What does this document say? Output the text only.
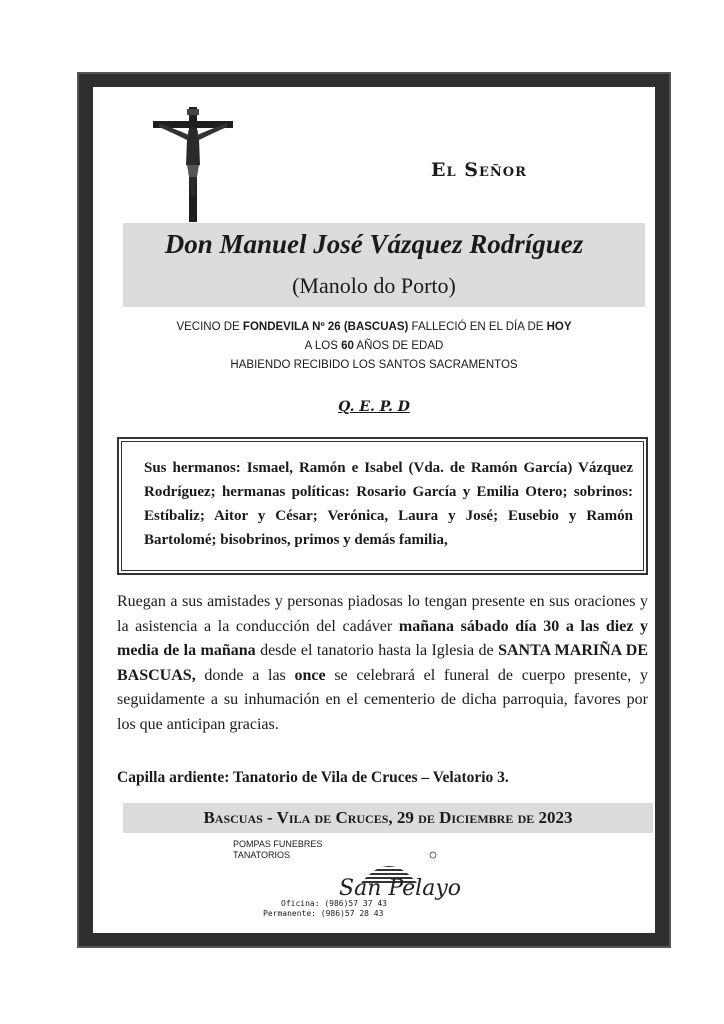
El Señor
Don Manuel José Vázquez Rodríguez
(Manolo do Porto)
VECINO DE FONDEVILA Nº 26 (BASCUAS) FALLECIÓ EN EL DÍA DE HOY
A LOS 60 AÑOS DE EDAD
HABIENDO RECIBIDO LOS SANTOS SACRAMENTOS
Q. E. P. D
Sus hermanos: Ismael, Ramón e Isabel (Vda. de Ramón García) Vázquez Rodríguez; hermanas políticas: Rosario García y Emilia Otero; sobrinos: Estíbaliz; Aitor y César; Verónica, Laura y José; Eusebio y Ramón Bartolomé; bisobrinos, primos y demás familia,
Ruegan a sus amistades y personas piadosas lo tengan presente en sus oraciones y la asistencia a la conducción del cadáver mañana sábado día 30 a las diez y media de la mañana desde el tanatorio hasta la Iglesia de SANTA MARIÑA DE BASCUAS, donde a las once se celebrará el funeral de cuerpo presente, y seguidamente a su inhumación en el cementerio de dicha parroquia, favores por los que anticipan gracias.
Capilla ardiente: Tanatorio de Vila de Cruces – Velatorio 3.
Bascuas - Vila de Cruces, 29 de Diciembre de 2023
POMPAS FUNEBRES
TANATORIOS
San Pelayo
Oficina: (986)57 37 43
Permanente: (986)57 28 43
